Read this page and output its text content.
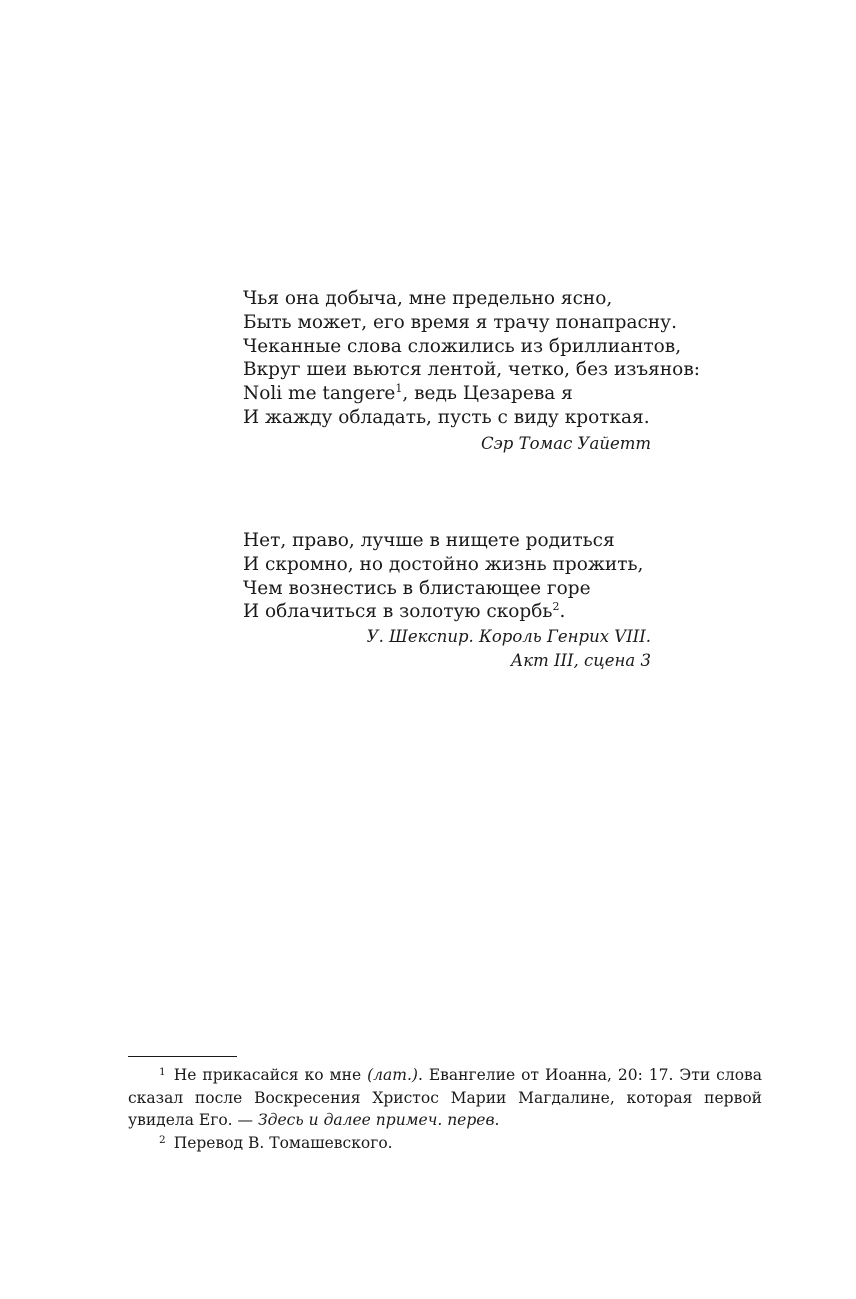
Чья она добыча, мне предельно ясно,
Быть может, его время я трачу понапрасну.
Чеканные слова сложились из бриллиантов,
Вкруг шеи вьются лентой, четко, без изъянов:
Noli me tangere$^1$, ведь Цезарева я
И жажду обладать, пусть с виду кроткая.
Сэр Томас Уайетт
Нет, право, лучше в нищете родиться
И скромно, но достойно жизнь прожить,
Чем вознестись в блистающее горе
И облачиться в золотую скорбь$^2$.
У. Шекспир. Король Генрих VIII.
Акт III, сцена 3

$^1$ Не прикасайся ко мне (лат.). Евангелие от Иоанна, 20: 17. Эти слова сказал после Воскресения Христос Марии Магдалине, которая первой увидела Его. — Здесь и далее примеч. перев.

$^2$ Перевод В. Томашевского.
